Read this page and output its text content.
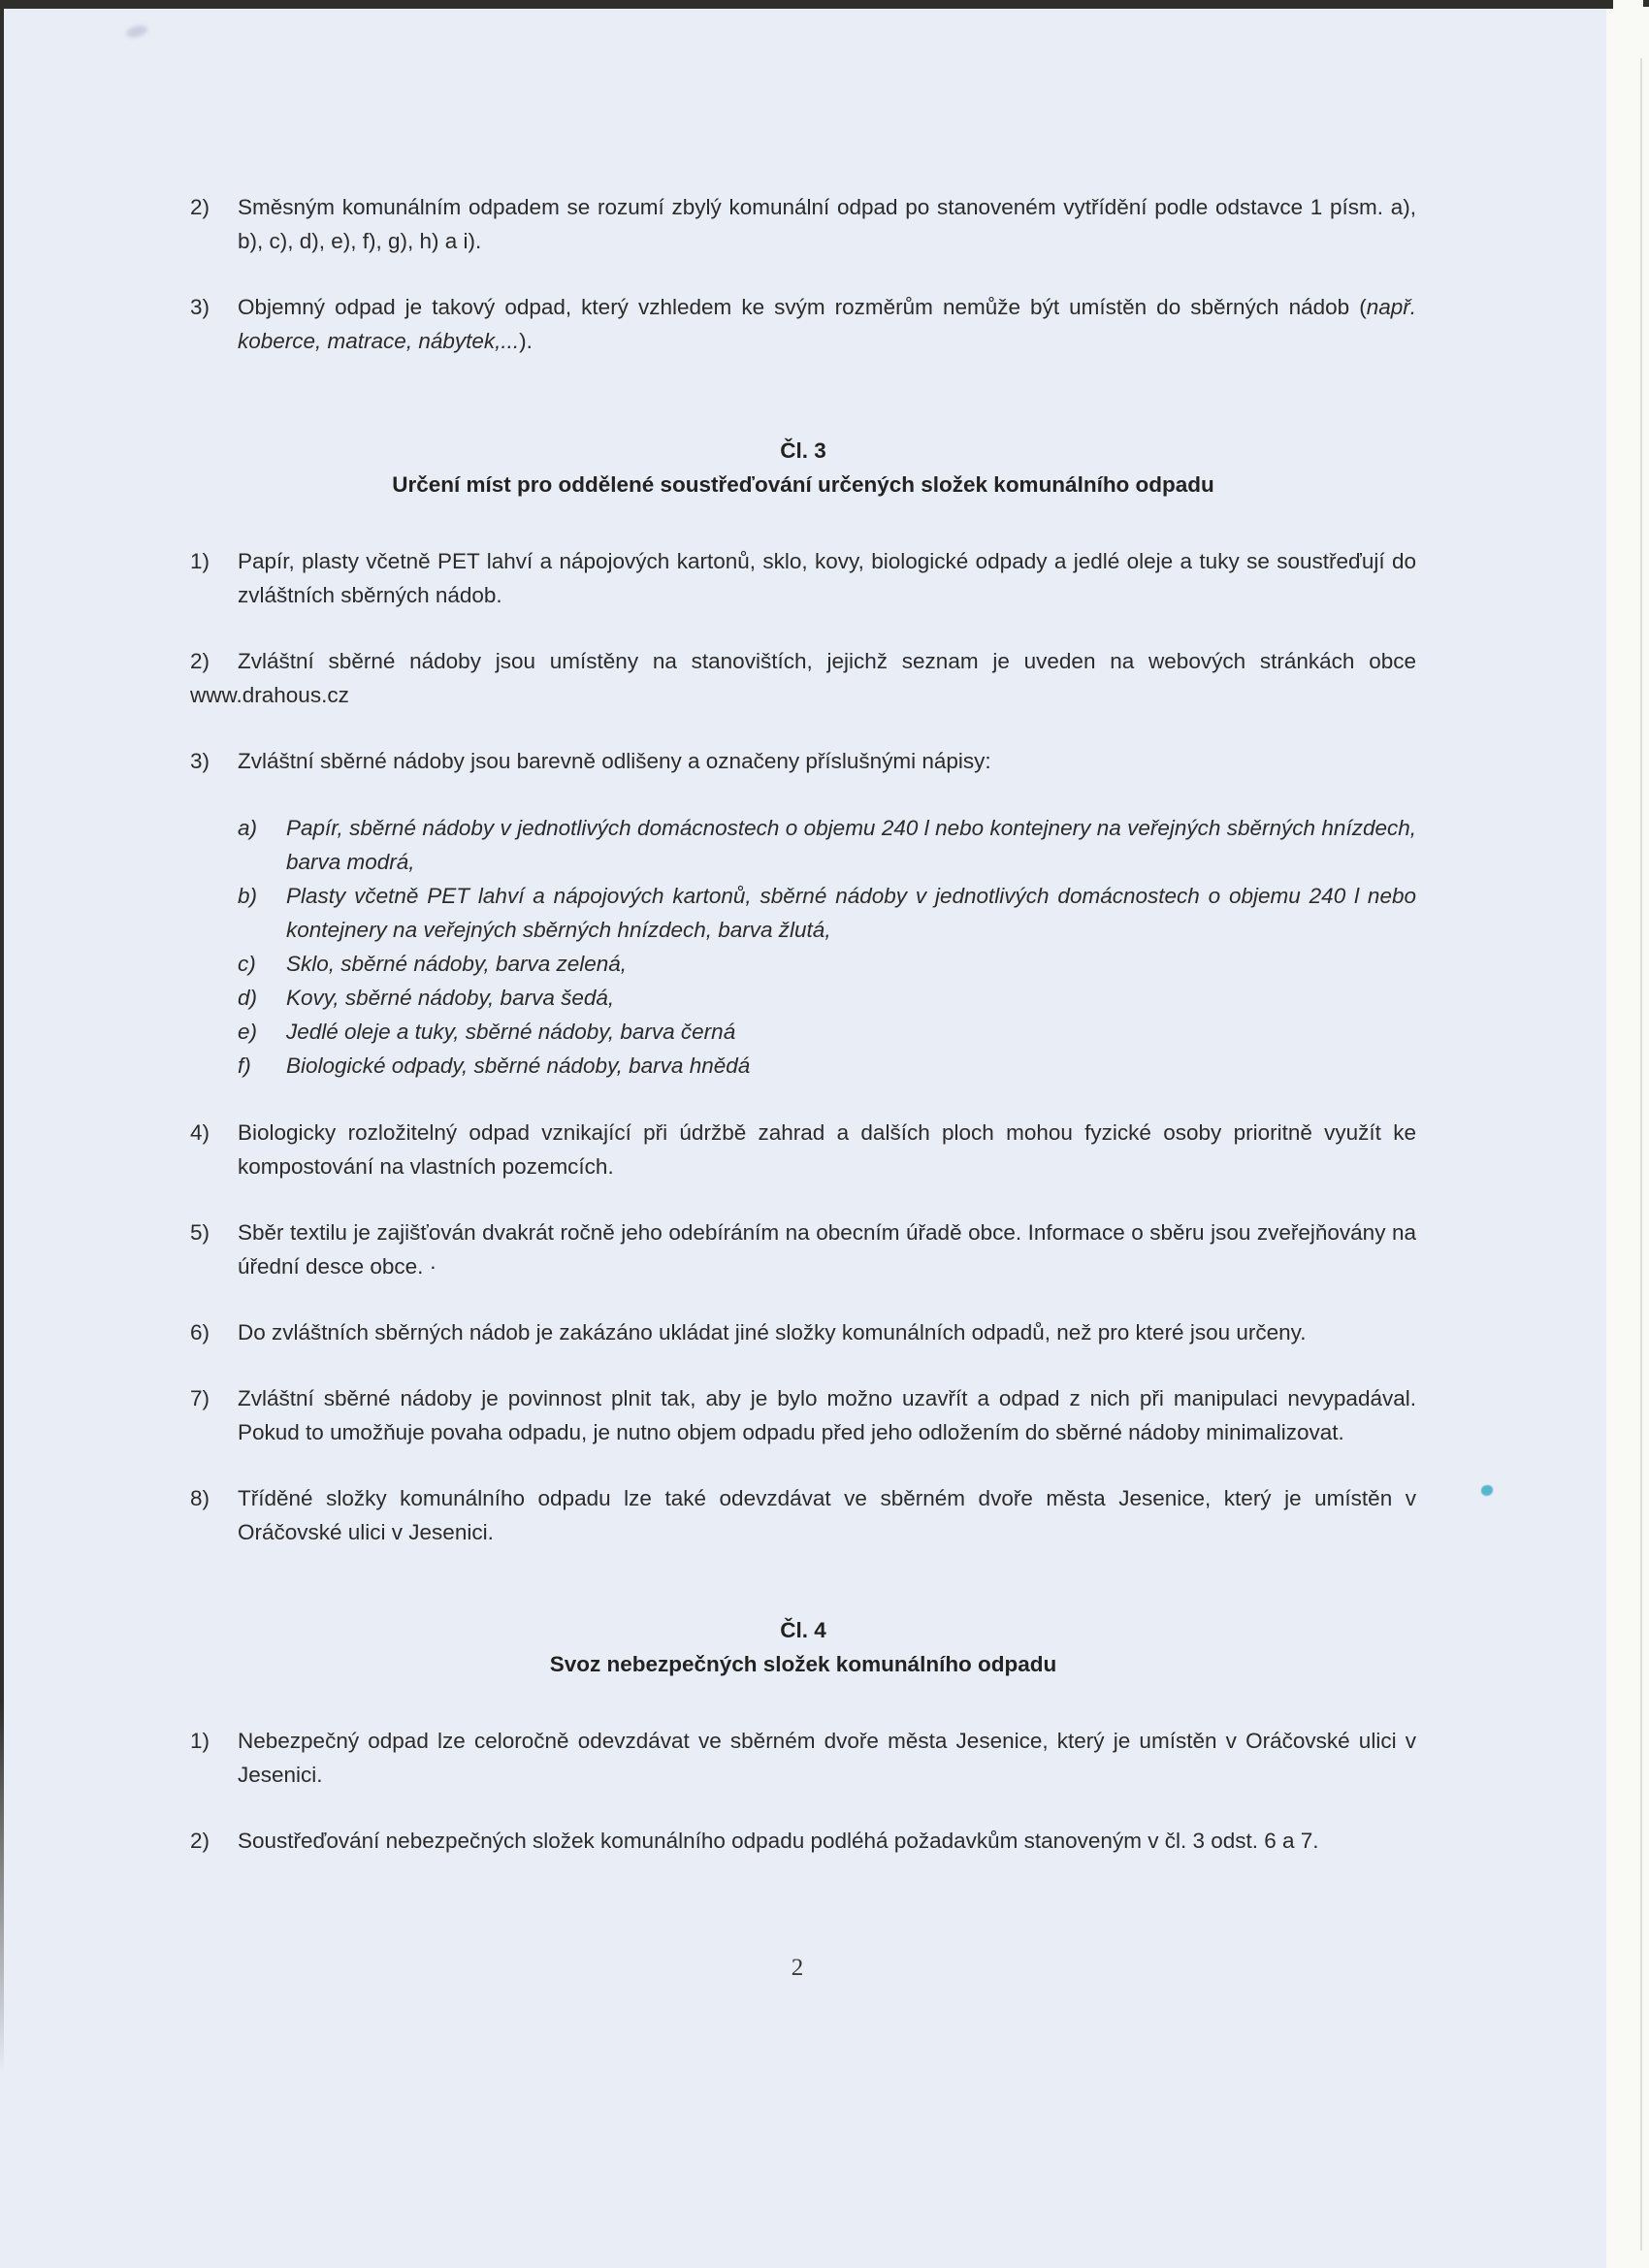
2)	Směsným komunálním odpadem se rozumí zbylý komunální odpad po stanoveném vytřídění podle odstavce 1 písm. a), b), c), d), e), f), g), h) a i).
3)	Objemný odpad je takový odpad, který vzhledem ke svým rozměrům nemůže být umístěn do sběrných nádob (např. koberce, matrace, nábytek,...).
Čl. 3
Určení míst pro oddělené soustřeďování určených složek komunálního odpadu
1)	Papír, plasty včetně PET lahví a nápojových kartonů, sklo, kovy, biologické odpady a jedlé oleje a tuky se soustřeďují do zvláštních sběrných nádob.
2) Zvláštní sběrné nádoby jsou umístěny na stanovištích, jejichž seznam je uveden na webových stránkách obce www.drahous.cz
3)	Zvláštní sběrné nádoby jsou barevně odlišeny a označeny příslušnými nápisy:
a)	Papír, sběrné nádoby v jednotlivých domácnostech o objemu 240 l nebo kontejnery na veřejných sběrných hnízdech, barva modrá,
b)	Plasty včetně PET lahví a nápojových kartonů, sběrné nádoby v jednotlivých domácnostech o objemu 240 l nebo kontejnery na veřejných sběrných hnízdech, barva žlutá,
c)	Sklo, sběrné nádoby, barva zelená,
d)	Kovy, sběrné nádoby, barva šedá,
e)	Jedlé oleje a tuky, sběrné nádoby, barva černá
f)	Biologické odpady, sběrné nádoby, barva hnědá
4)	Biologicky rozložitelný odpad vznikající při údržbě zahrad a dalších ploch mohou fyzické osoby prioritně využít ke kompostování na vlastních pozemcích.
5)	Sběr textilu je zajišťován dvakrát ročně jeho odebíráním na obecním úřadě obce. Informace o sběru jsou zveřejňovány na úřední desce obce. ·
6)	Do zvláštních sběrných nádob je zakázáno ukládat jiné složky komunálních odpadů, než pro které jsou určeny.
7)	Zvláštní sběrné nádoby je povinnost plnit tak, aby je bylo možno uzavřít a odpad z nich při manipulaci nevypadával. Pokud to umožňuje povaha odpadu, je nutno objem odpadu před jeho odložením do sběrné nádoby minimalizovat.
8)	Tříděné složky komunálního odpadu lze také odevzdávat ve sběrném dvoře města Jesenice, který je umístěn v Oráčovské ulici v Jesenici.
Čl. 4
Svoz nebezpečných složek komunálního odpadu
1)	Nebezpečný odpad lze celoročně odevzdávat ve sběrném dvoře města Jesenice, který je umístěn v Oráčovské ulici v Jesenici.
2)	Soustřeďování nebezpečných složek komunálního odpadu podléhá požadavkům stanoveným v čl. 3 odst. 6 a 7.
2
